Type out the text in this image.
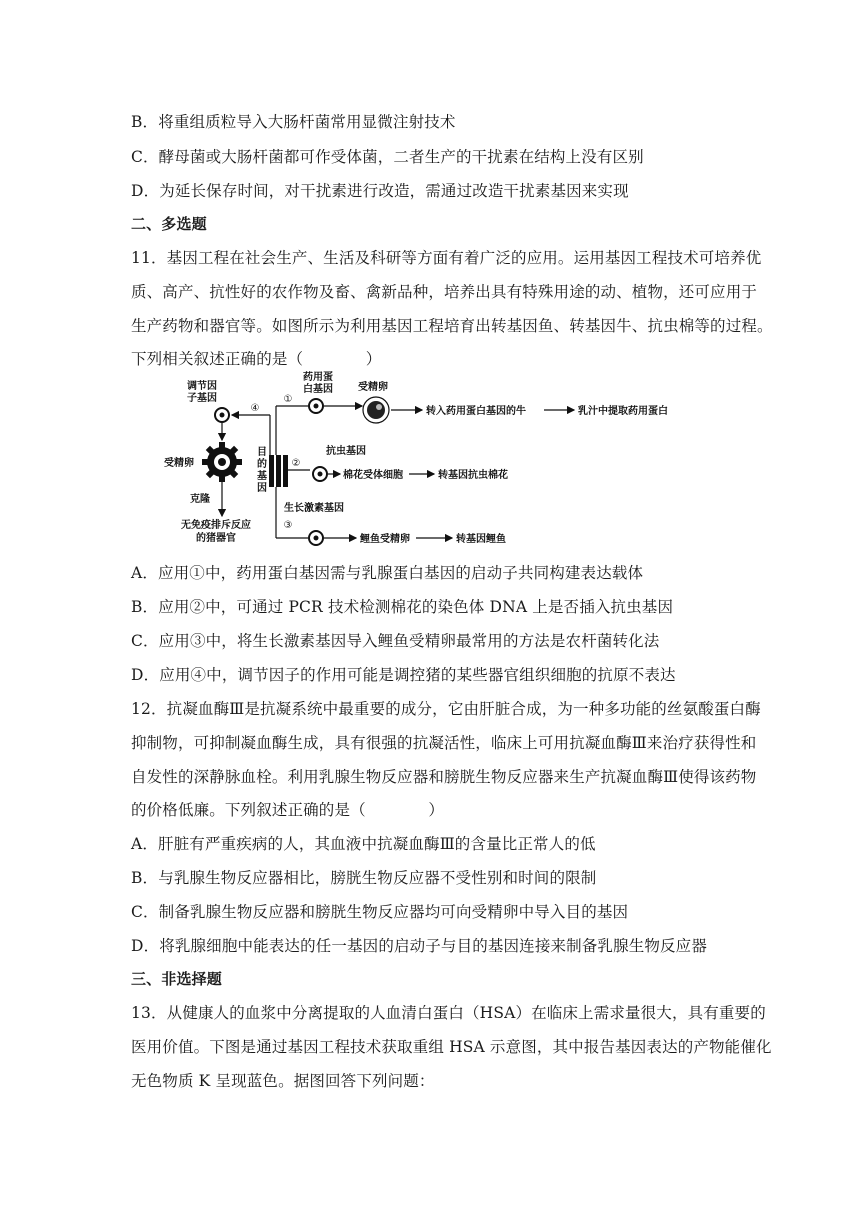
B．将重组质粒导入大肠杆菌常用显微注射技术
C．酵母菌或大肠杆菌都可作受体菌，二者生产的干扰素在结构上没有区别
D．为延长保存时间，对干扰素进行改造，需通过改造干扰素基因来实现
二、多选题
11．基因工程在社会生产、生活及科研等方面有着广泛的应用。运用基因工程技术可培养优
质、高产、抗性好的农作物及畜、禽新品种，培养出具有特殊用途的动、植物，还可应用于
生产药物和器官等。如图所示为利用基因工程培育出转基因鱼、转基因牛、抗虫棉等的过程。
下列相关叙述正确的是（　　　　）
调节因
子基因
④
受精卵
克隆
无免疫排斥反应
的猪器官
目
的
基
因
①
药用蛋
白基因	受精卵
转入药用蛋白基因的牛	乳汁中提取药用蛋白
②
抗虫基因
棉花受体细胞	转基因抗虫棉花
生长激素基因
③
鲤鱼受精卵	转基因鲤鱼
A．应用①中，药用蛋白基因需与乳腺蛋白基因的启动子共同构建表达载体
B．应用②中，可通过 PCR 技术检测棉花的染色体 DNA 上是否插入抗虫基因
C．应用③中，将生长激素基因导入鲤鱼受精卵最常用的方法是农杆菌转化法
D．应用④中，调节因子的作用可能是调控猪的某些器官组织细胞的抗原不表达
12．抗凝血酶Ⅲ是抗凝系统中最重要的成分，它由肝脏合成，为一种多功能的丝氨酸蛋白酶
抑制物，可抑制凝血酶生成，具有很强的抗凝活性，临床上可用抗凝血酶Ⅲ来治疗获得性和
自发性的深静脉血栓。利用乳腺生物反应器和膀胱生物反应器来生产抗凝血酶Ⅲ使得该药物
的价格低廉。下列叙述正确的是（　　　　）
A．肝脏有严重疾病的人，其血液中抗凝血酶Ⅲ的含量比正常人的低
B．与乳腺生物反应器相比，膀胱生物反应器不受性别和时间的限制
C．制备乳腺生物反应器和膀胱生物反应器均可向受精卵中导入目的基因
D．将乳腺细胞中能表达的任一基因的启动子与目的基因连接来制备乳腺生物反应器
三、非选择题
13．从健康人的血浆中分离提取的人血清白蛋白（HSA）在临床上需求量很大，具有重要的
医用价值。下图是通过基因工程技术获取重组 HSA 示意图，其中报告基因表达的产物能催化
无色物质 K 呈现蓝色。据图回答下列问题：
